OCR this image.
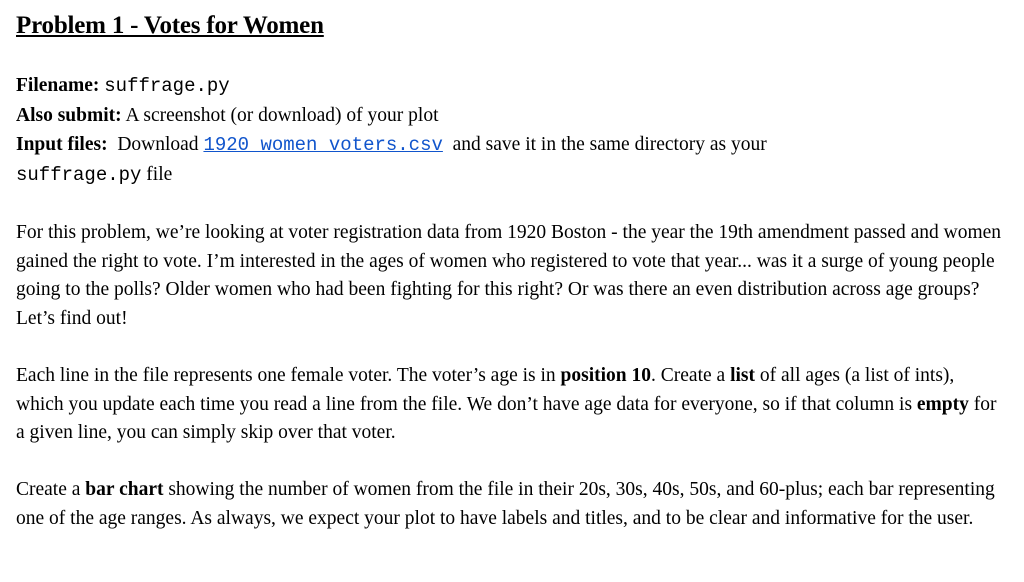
Problem 1 - Votes for Women
Filename: suffrage.py
Also submit: A screenshot (or download) of your plot
Input files: Download 1920_women_voters.csv and save it in the same directory as your
suffrage.py file

For this problem, we’re looking at voter registration data from 1920 Boston - the year the 19th amendment passed and women gained the right to vote. I’m interested in the ages of women who registered to vote that year... was it a surge of young people going to the polls? Older women who had been fighting for this right? Or was there an even distribution across age groups? Let’s find out!

Each line in the file represents one female voter. The voter’s age is in position 10. Create a list of all ages (a list of ints), which you update each time you read a line from the file. We don’t have age data for everyone, so if that column is empty for a given line, you can simply skip over that voter.

Create a bar chart showing the number of women from the file in their 20s, 30s, 40s, 50s, and 60-plus; each bar representing one of the age ranges. As always, we expect your plot to have labels and titles, and to be clear and informative for the user.
